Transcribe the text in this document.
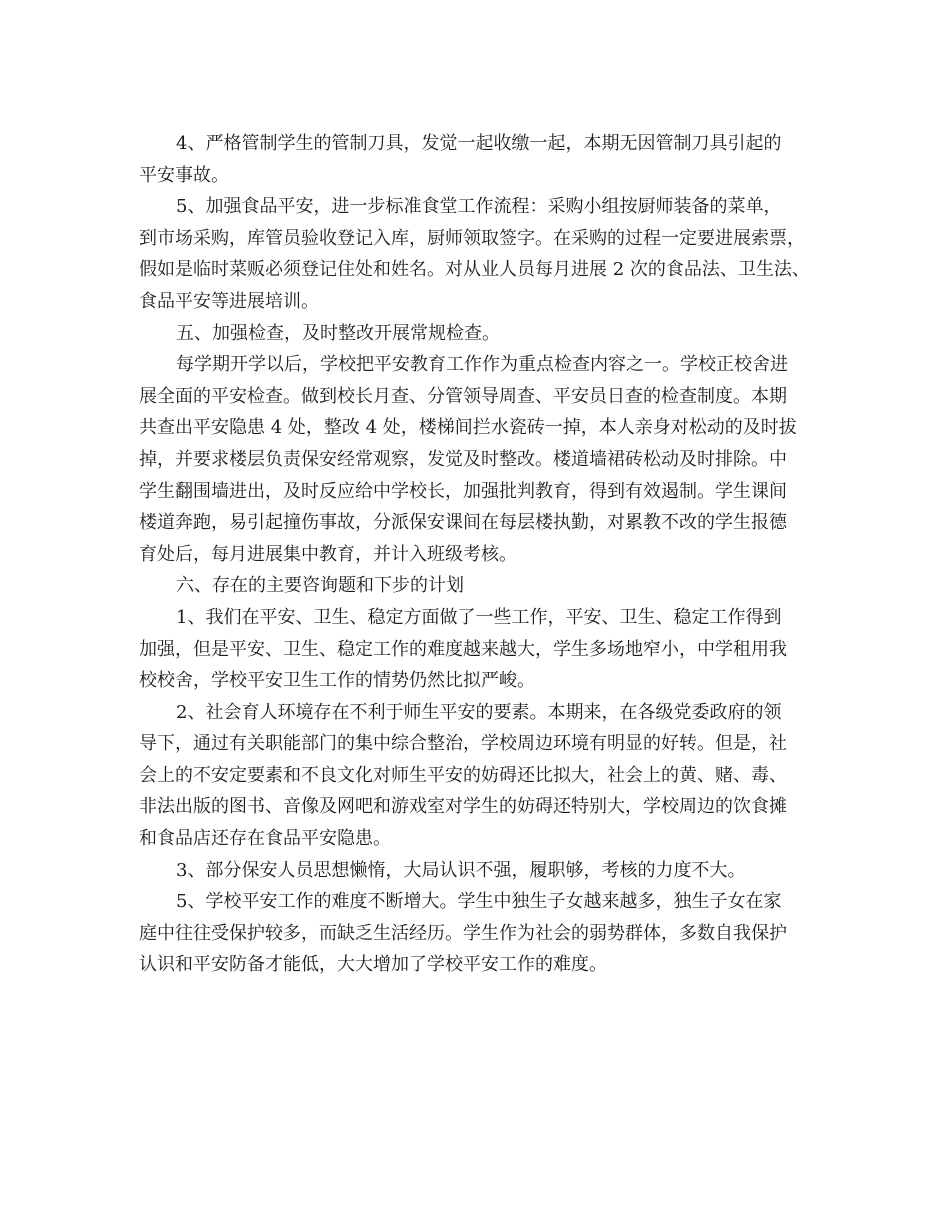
4、严格管制学生的管制刀具，发觉一起收缴一起，本期无因管制刀具引起的
平安事故。

5、加强食品平安，进一步标准食堂工作流程：采购小组按厨师装备的菜单，
到市场采购，库管员验收登记入库，厨师领取签字。在采购的过程一定要进展索票，
假如是临时菜贩必须登记住处和姓名。对从业人员每月进展 2 次的食品法、卫生法、
食品平安等进展培训。

五、加强检查，及时整改开展常规检查。

每学期开学以后，学校把平安教育工作作为重点检查内容之一。学校正校舍进
展全面的平安检查。做到校长月查、分管领导周查、平安员日查的检查制度。本期
共查出平安隐患 4 处，整改 4 处，楼梯间拦水瓷砖一掉，本人亲身对松动的及时拔
掉，并要求楼层负责保安经常观察，发觉及时整改。楼道墙裙砖松动及时排除。中
学生翻围墙进出，及时反应给中学校长，加强批判教育，得到有效遏制。学生课间
楼道奔跑，易引起撞伤事故，分派保安课间在每层楼执勤，对累教不改的学生报德
育处后，每月进展集中教育，并计入班级考核。

六、存在的主要咨询题和下步的计划

1、我们在平安、卫生、稳定方面做了一些工作，平安、卫生、稳定工作得到
加强，但是平安、卫生、稳定工作的难度越来越大，学生多场地窄小，中学租用我
校校舍，学校平安卫生工作的情势仍然比拟严峻。

2、社会育人环境存在不利于师生平安的要素。本期来，在各级党委政府的领
导下，通过有关职能部门的集中综合整治，学校周边环境有明显的好转。但是，社
会上的不安定要素和不良文化对师生平安的妨碍还比拟大，社会上的黄、赌、毒、
非法出版的图书、音像及网吧和游戏室对学生的妨碍还特别大，学校周边的饮食摊
和食品店还存在食品平安隐患。

3、部分保安人员思想懒惰，大局认识不强，履职够，考核的力度不大。

5、学校平安工作的难度不断增大。学生中独生子女越来越多，独生子女在家
庭中往往受保护较多，而缺乏生活经历。学生作为社会的弱势群体，多数自我保护
认识和平安防备才能低，大大增加了学校平安工作的难度。
